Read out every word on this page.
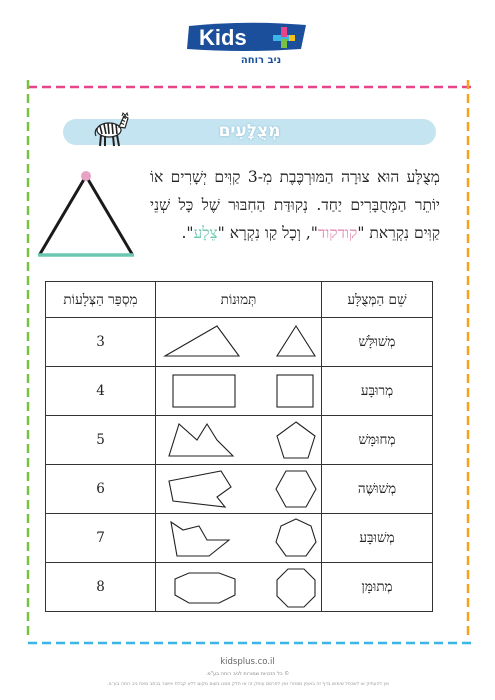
Kids
ניב רוחה
מְצֻלָּעִים
מְצֻלָּע הוּא צוּרָה הַמּוּרְכֶּבֶת מִ-3 קַוִּים יְשָׁרִים אוֹ יוֹתֵר הַמְּחֻבָּרִים יַחַד. נְקוּדַּת הַחִבּוּר שֶׁל כָּל שְׁנֵי קַוִּים נִקְרֵאת "קודקוד", וְכָל קַו נִקְרָא "צֵלָע".
שֵׁם הַמְּצֻלָּע	תְּמוּנוֹת	מִסְפַּר הַצְּלָעוֹת
מְשׁוּלָּשׁ		3
מְרוּבָּע		4
מְחוּמָּשׁ		5
מְשׁוּשֶּׁה		6
מְשׁוּבָּע		7
מְתוּמָּן		8
kidsplus.co.il
© כל הזכויות שמורות לניב רוחה בע"מ.
אין להעתיק או לשכפל שימוש בדף זה באופן מסחרי ואין לפרסם עותק זה או חלק ממנו בשום מקום ללא קבלת אישור בכתב מאת ניב רוחה בע"מ.
